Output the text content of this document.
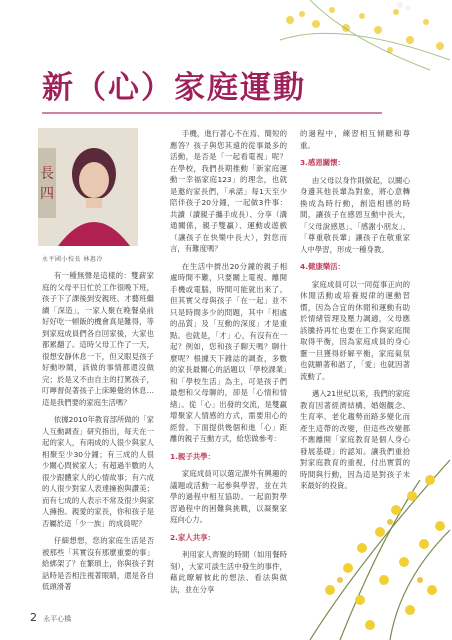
新（心）家庭運動
長
四
永平國小校長 林惠冷

有一種無聲是這樣的：雙薪家庭的父母平日忙於工作很晚下班，孩子下了課後到安親班、才藝班繼續「深造」，一家人聚在晚餐桌前好好吃一頓飯的機會真是難得，等到家庭成員們各自回家後，大家也都累翻了。這時父母工作了一天，很想安靜休息一下，但又眼見孩子好動吵鬧，該做的事情都還沒做完；於是又不由自主的打罵孩子，叮嚀督促著孩子上床睡覺的休息…這是我們要的家庭生活嗎？

依據2010年教育部所做的「家人互動調查」研究指出，每天在一起的家人，有兩成的人很少與家人相聚至少30分鐘；有三成的人很少關心問候家人；有超過半數的人很少跟體家人的心情故事；有六成的人很少對家人表達擁抱與讚美；而有七成的人表示不常及很少與家人擁抱。親愛的家長，你和孩子是否屬於這「少一族」的成員呢？

仔細想想，您的家庭生活是否被那些「其實沒有那麼重要的事」給綁架了？在繁瑣上，你與孩子對話時是否相注視著眼睛，還是各自低頭滑著

手機，進行著心不在焉、簡短的應答？孩子與您其遠的從事最多的活動，是否是「一起看電視」呢？在學校，我們長期推動「新家庭運動一幸福家庭123」的理念，也就是邀約家長們，「承諾」每1天至少陪伴孩子20分鐘，一起做3件事：共讀（讀親子攜手成長）、分享（溝通關係，親子雙贏）、運動或遊戲（讓孩子在快樂中長大），對您而言，有難度嗎？

在生活中擠出20分鐘的親子相處時間不難，只要關上電視、離開手機或電腦，時間可能就出來了。但其實父母與孩子「在一起」並不只是時間多少的問題，其中「相處的品質」及「互動的深度」才是重點。也就是，「才」心，有沒有在一起？例如，您和孩子聊天嗎？聊什麼呢？根據天下雜誌的調查，多數的家長最關心的話題以「學校課業」和「學校生活」為主，可是孩子們最想和父母聊的，卻是「心情和情緒」。從「心」出發的交流，是雙贏增聚家人情感的方式，需要用心的經營。下面提供幾個和進「心」距離的親子互動方式，給您做參考：

1.親子共學：

家庭成員可以選定課外有興趣的議題或活動一起參與學習，並在共學的過程中相互協助、一起面對學習過程中的困難與挑戰，以凝聚家庭向心力。

2.家人共享：

利用家人齊聚的時間（如用餐時刻），大家可談生活中發生的事件，藉此瞭解彼此的想法、看法與做法，並在分享

的過程中，練習相互傾聽和尊重。

3.感恩關懷：

由父母以身作則做起，以關心身邊其他長輩為對象，將心意轉換成為時行動，創造相感的時間，讓孩子在感恩互動中長大，「父母說感恩」、「感謝小朋友」、「尊重敬長輩」讓孩子在敬重家人中學習，形成一種身教。

4.健康樂活：

家庭成員可以一同從事正向的休閒活動或培養規律的運動習慣，因為合宜的休閒和運動有助於情緒管理及壓力調適，父母應該騰持再忙也要在工作與家庭間取得平衡，因為家庭成員的身心靈一旦獲得紓解平衡，家庭氣氛也就顯著和諧了，「愛」也就因著流動了。

邁入21世紀以來，我們的家庭教育因著經濟結構、婚姻觀念、生育率、老化趨勢而路多變化而產生這帶的改變，但這些改變都不應離開「家庭教育是個人身心發展基礎」的認知。讓我們重拾對家庭教育的重視，付出實質的時間與行動，因為這是對孩子未來最好的投資。

2 永平心橋
